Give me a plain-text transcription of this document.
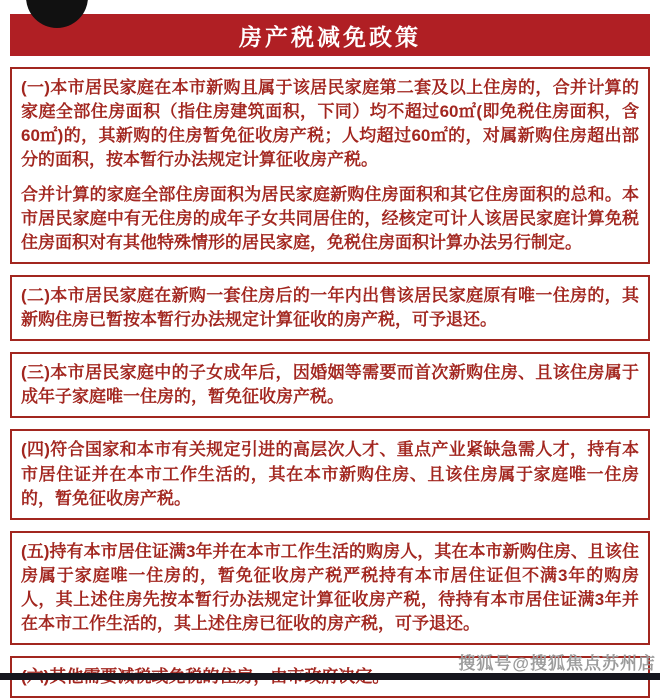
房产税减免政策

(一)本市居民家庭在本市新购且属于该居民家庭第二套及以上住房的，合并计算的家庭全部住房面积（指住房建筑面积，下同）均不超过60㎡(即免税住房面积，含60㎡)的，其新购的住房暂免征收房产税；人均超过60㎡的，对属新购住房超出部分的面积，按本暂行办法规定计算征收房产税。

合并计算的家庭全部住房面积为居民家庭新购住房面积和其它住房面积的总和。本市居民家庭中有无住房的成年子女共同居住的，经核定可计人该居民家庭计算免税住房面积对有其他特殊情形的居民家庭，免税住房面积计算办法另行制定。

(二)本市居民家庭在新购一套住房后的一年内出售该居民家庭原有唯一住房的，其新购住房已暂按本暂行办法规定计算征收的房产税，可予退还。

(三)本市居民家庭中的子女成年后，因婚姻等需要而首次新购住房、且该住房属于成年子家庭唯一住房的，暂免征收房产税。

(四)符合国家和本市有关规定引进的高层次人才、重点产业紧缺急需人才，持有本市居住证并在本市工作生活的，其在本市新购住房、且该住房属于家庭唯一住房的，暂免征收房产税。

(五)持有本市居住证满3年并在本市工作生活的购房人，其在本市新购住房、且该住房属于家庭唯一住房的，暂免征收房产税严税持有本市居住证但不满3年的购房人，其上述住房先按本暂行办法规定计算征收房产税，待持有本市居住证满3年并在本市工作生活的，其上述住房已征收的房产税，可予退还。

搜狐号@搜狐焦点苏州店
